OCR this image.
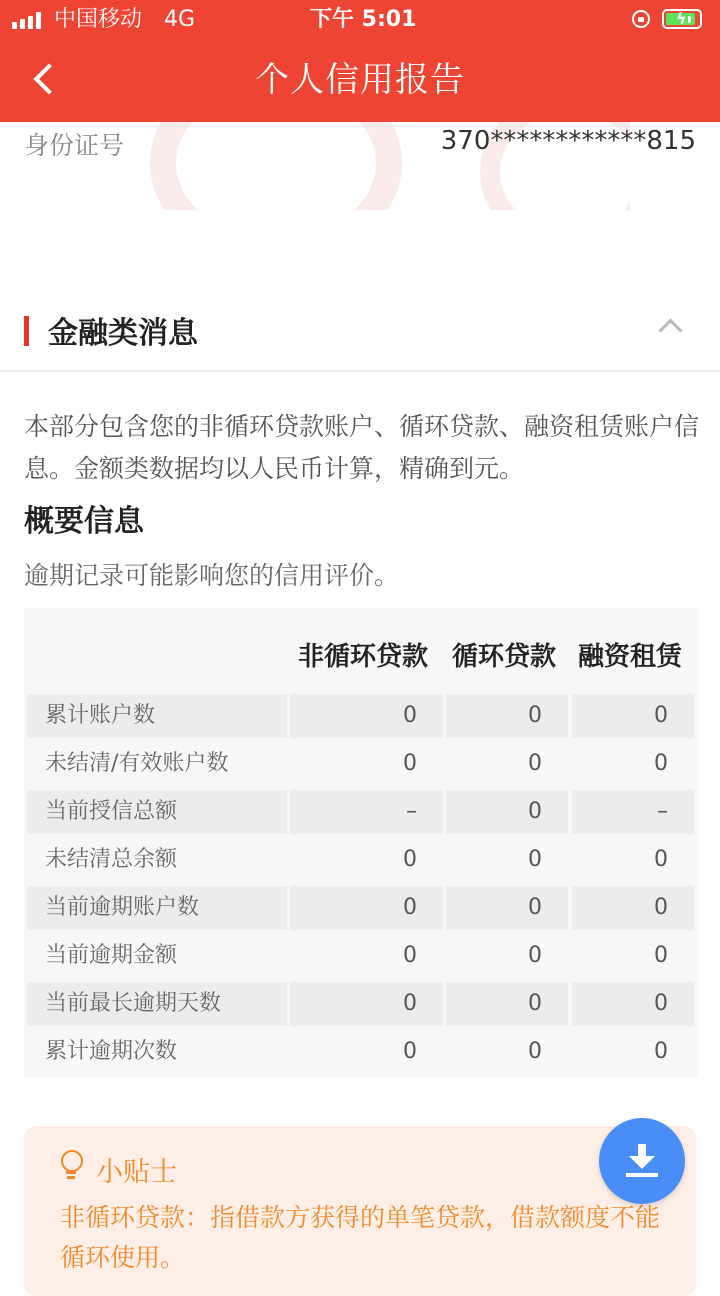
中国移动 4G	下午 5:01	ϟ
个人信用报告
身份证号	370************815
金融类消息
本部分包含您的非循环贷款账户、循环贷款、融资租赁账户信息。金额类数据均以人民币计算，精确到元。
概要信息
逾期记录可能影响您的信用评价。
非循环贷款 循环贷款 融资租赁
累计账户数	0	0	0
未结清/有效账户数	0	0	0
当前授信总额	–	0	–
未结清总余额	0	0	0
当前逾期账户数	0	0	0
当前逾期金额	0	0	0
当前最长逾期天数	0	0	0
累计逾期次数	0	0	0
小贴士
非循环贷款：指借款方获得的单笔贷款，借款额度不能循环使用。
